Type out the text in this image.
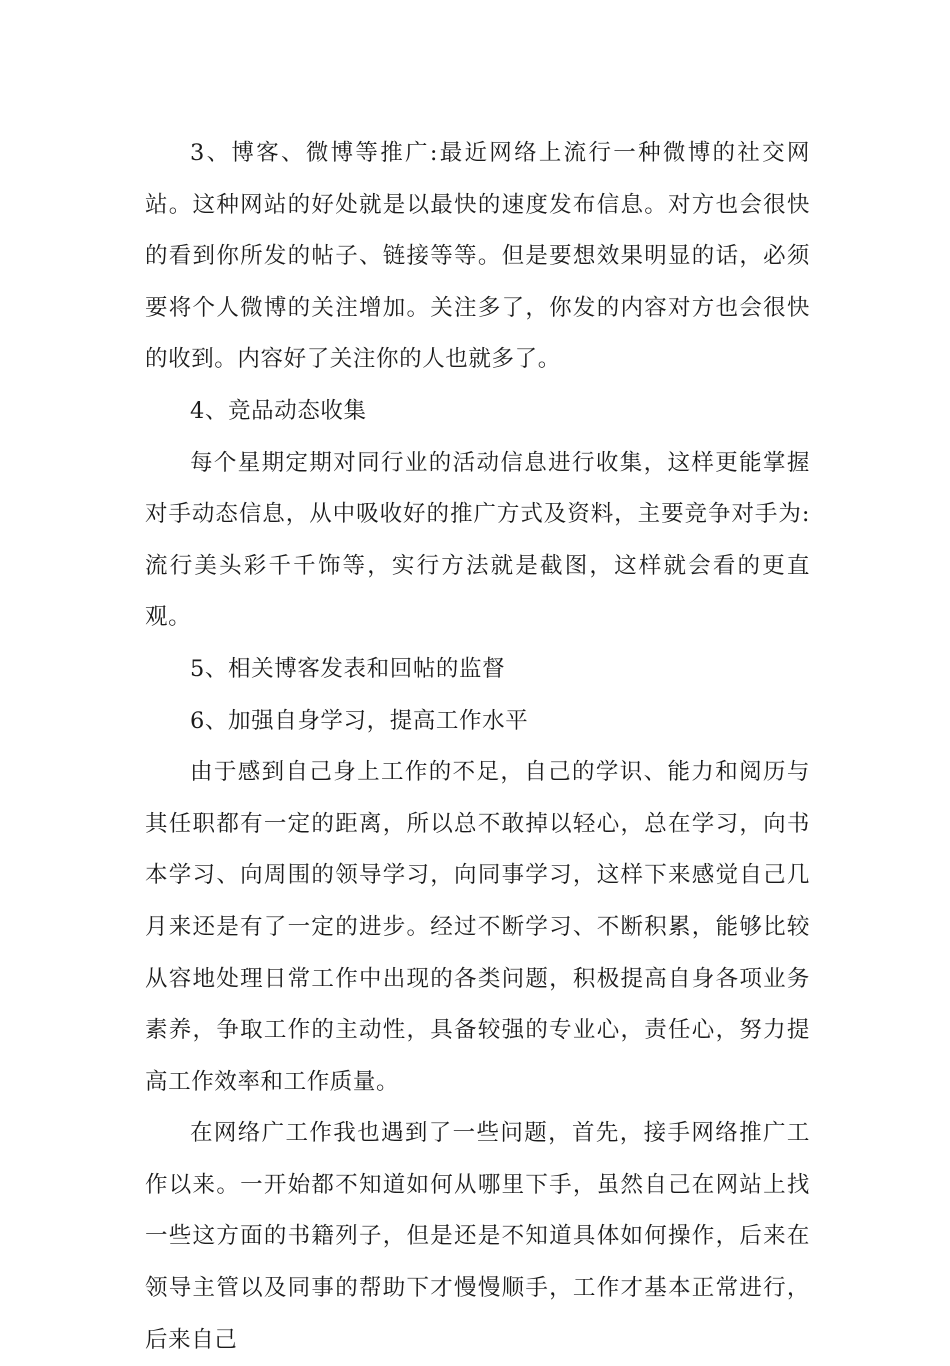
3、博客、微博等推广:最近网络上流行一种微博的社交网站。这种网站的好处就是以最快的速度发布信息。对方也会很快的看到你所发的帖子、链接等等。但是要想效果明显的话，必须要将个人微博的关注增加。关注多了，你发的内容对方也会很快的收到。内容好了关注你的人也就多了。

4、竞品动态收集

每个星期定期对同行业的活动信息进行收集，这样更能掌握对手动态信息，从中吸收好的推广方式及资料，主要竞争对手为:流行美头彩千千饰等，实行方法就是截图，这样就会看的更直观。

5、相关博客发表和回帖的监督

6、加强自身学习，提高工作水平

由于感到自己身上工作的不足，自己的学识、能力和阅历与其任职都有一定的距离，所以总不敢掉以轻心，总在学习，向书本学习、向周围的领导学习，向同事学习，这样下来感觉自己几月来还是有了一定的进步。经过不断学习、不断积累，能够比较从容地处理日常工作中出现的各类问题，积极提高自身各项业务素养，争取工作的主动性，具备较强的专业心，责任心，努力提高工作效率和工作质量。

在网络广工作我也遇到了一些问题，首先，接手网络推广工作以来。一开始都不知道如何从哪里下手，虽然自己在网站上找一些这方面的书籍列子，但是还是不知道具体如何操作，后来在领导主管以及同事的帮助下才慢慢顺手，工作才基本正常进行，后来自己
